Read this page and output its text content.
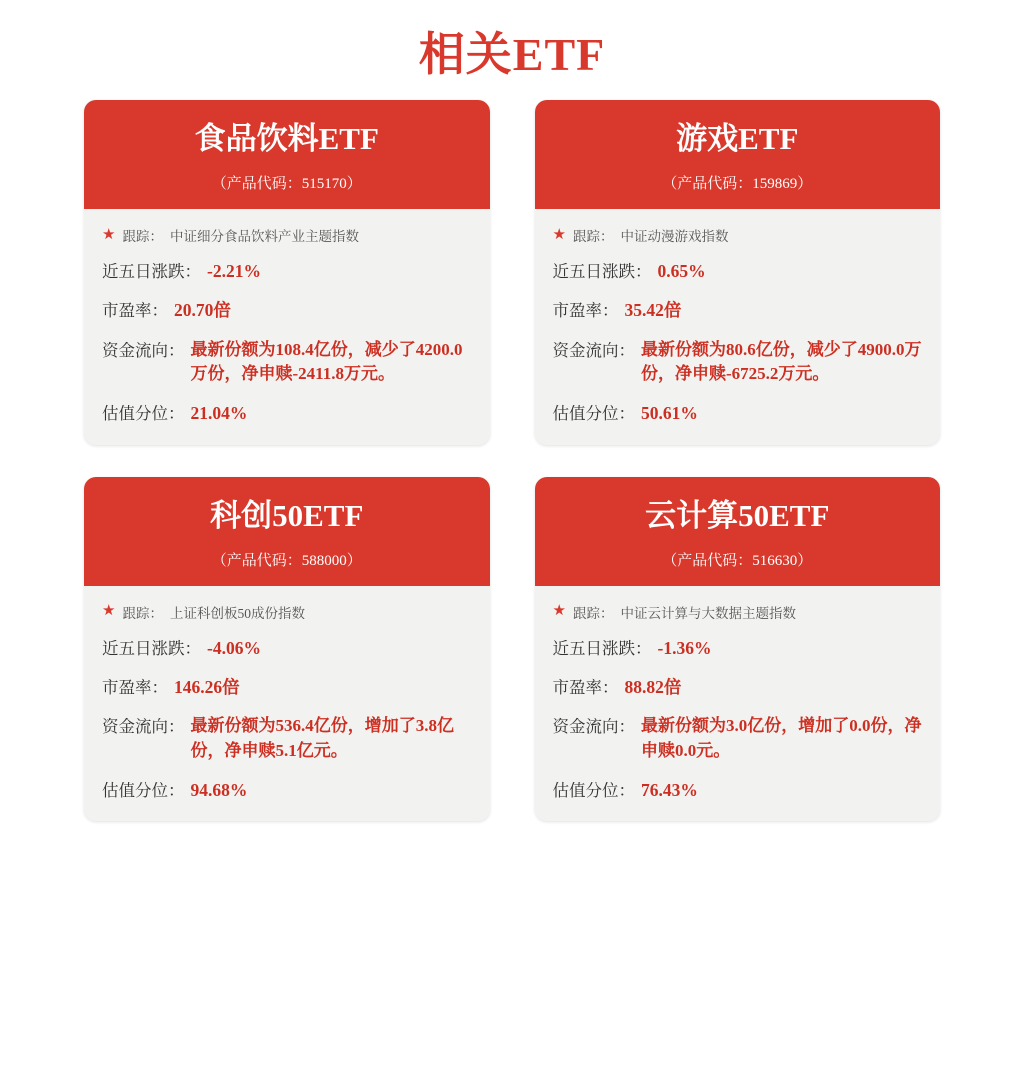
相关ETF
食品饮料ETF
（产品代码：515170）
★ 跟踪： 中证细分食品饮料产业主题指数
近五日涨跌： -2.21%
市盈率： 20.70倍
资金流向： 最新份额为108.4亿份，减少了4200.0万份，净申赎-2411.8万元。
估值分位： 21.04%
游戏ETF
（产品代码：159869）
★ 跟踪： 中证动漫游戏指数
近五日涨跌： 0.65%
市盈率： 35.42倍
资金流向： 最新份额为80.6亿份，减少了4900.0万份，净申赎-6725.2万元。
估值分位： 50.61%
科创50ETF
（产品代码：588000）
★ 跟踪： 上证科创板50成份指数
近五日涨跌： -4.06%
市盈率： 146.26倍
资金流向： 最新份额为536.4亿份，增加了3.8亿份，净申赎5.1亿元。
估值分位： 94.68%
云计算50ETF
（产品代码：516630）
★ 跟踪： 中证云计算与大数据主题指数
近五日涨跌： -1.36%
市盈率： 88.82倍
资金流向： 最新份额为3.0亿份，增加了0.0份，净申赎0.0元。
估值分位： 76.43%
